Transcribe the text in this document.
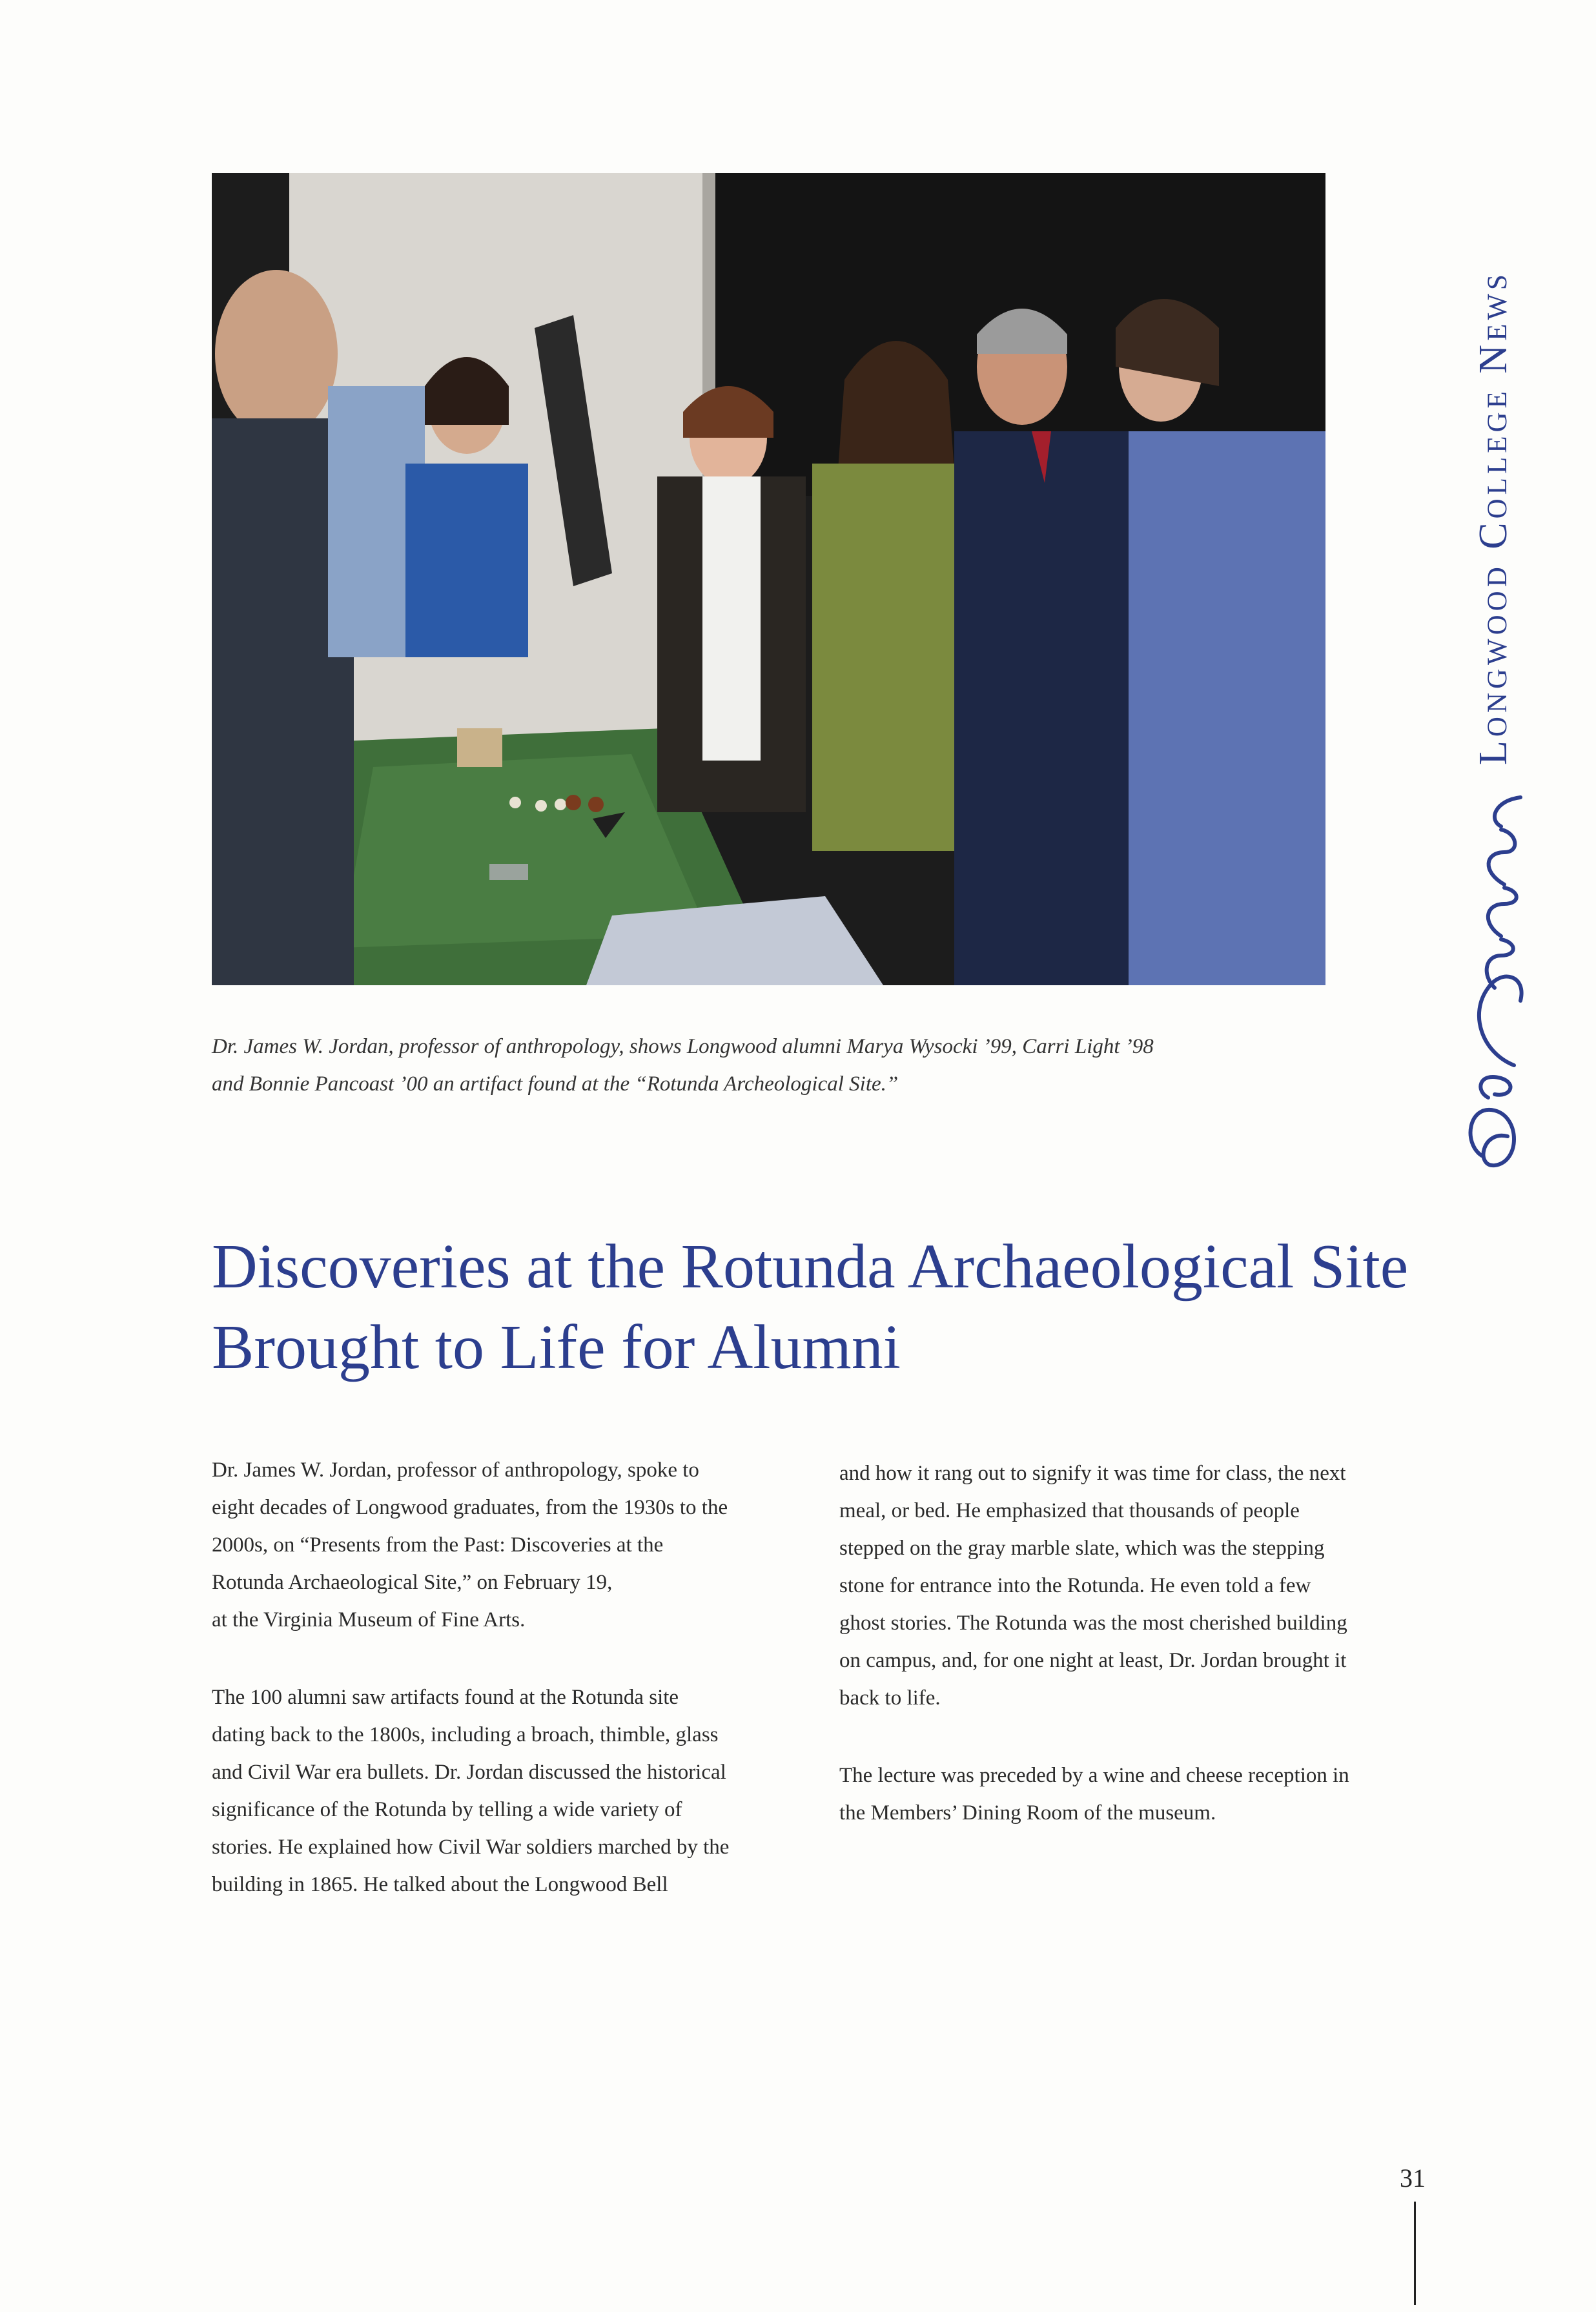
Dr. James W. Jordan, professor of anthropology, shows Longwood alumni Marya Wysocki ’99, Carri Light ’98
and Bonnie Pancoast ’00 an artifact found at the “Rotunda Archeological Site.”
Discoveries at the Rotunda Archaeological Site
Brought to Life for Alumni

Dr. James W. Jordan, professor of anthropology, spoke to
eight decades of Longwood graduates, from the 1930s to the
2000s, on “Presents from the Past: Discoveries at the
Rotunda Archaeological Site,” on February 19,
at the Virginia Museum of Fine Arts.

The 100 alumni saw artifacts found at the Rotunda site
dating back to the 1800s, including a broach, thimble, glass
and Civil War era bullets. Dr. Jordan discussed the historical
significance of the Rotunda by telling a wide variety of
stories. He explained how Civil War soldiers marched by the
building in 1865. He talked about the Longwood Bell

and how it rang out to signify it was time for class, the next
meal, or bed. He emphasized that thousands of people
stepped on the gray marble slate, which was the stepping
stone for entrance into the Rotunda. He even told a few
ghost stories. The Rotunda was the most cherished building
on campus, and, for one night at least, Dr. Jordan brought it
back to life.

The lecture was preceded by a wine and cheese reception in
the Members’ Dining Room of the museum.

Longwood College News
31
